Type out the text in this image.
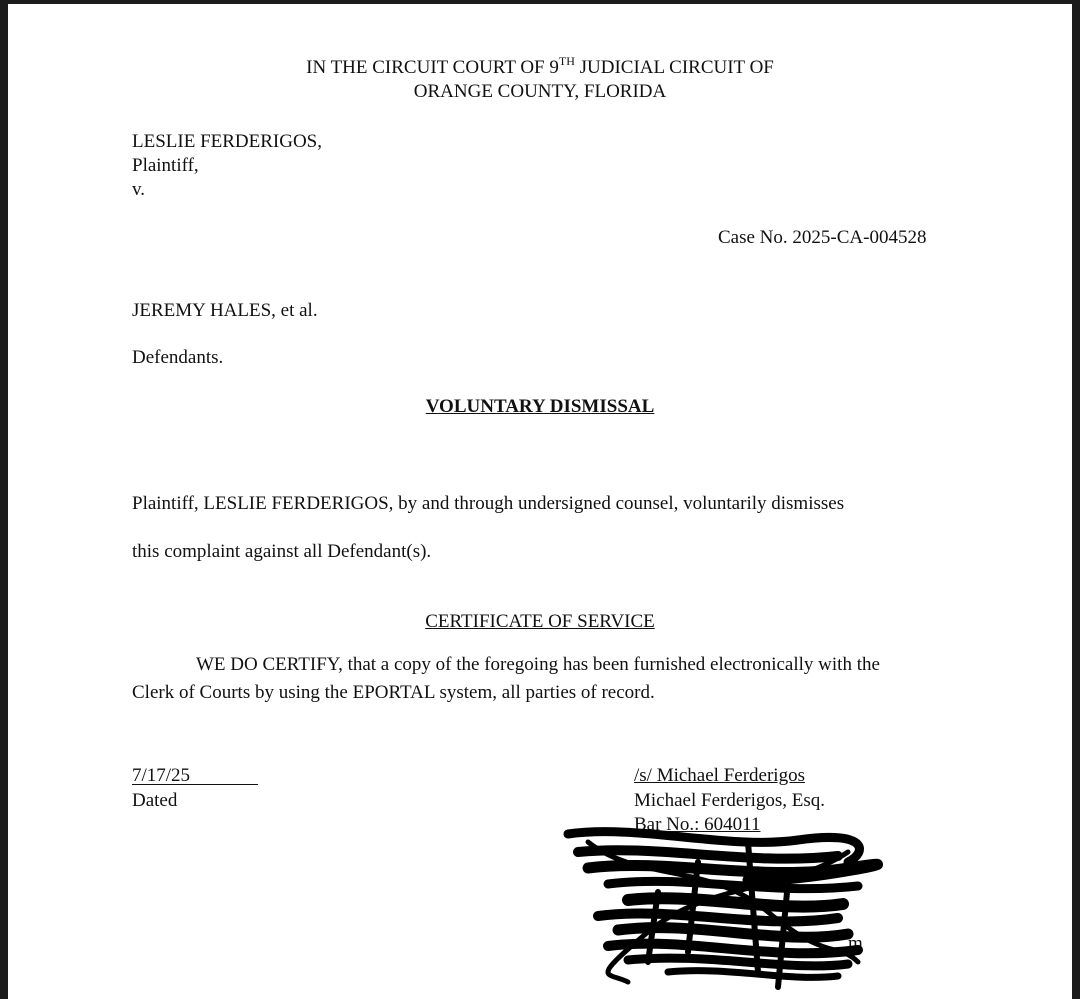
IN THE CIRCUIT COURT OF 9TH JUDICIAL CIRCUIT OF
ORANGE COUNTY, FLORIDA
LESLIE FERDERIGOS,
Plaintiff,
v.
Case No. 2025-CA-004528
JEREMY HALES, et al.
Defendants.
VOLUNTARY DISMISSAL
Plaintiff, LESLIE FERDERIGOS, by and through undersigned counsel, voluntarily dismisses
this complaint against all Defendant(s).
CERTIFICATE OF SERVICE
WE DO CERTIFY, that a copy of the foregoing has been furnished electronically with the
Clerk of Courts by using the EPORTAL system, all parties of record.
7/17/25
Dated
/s/ Michael Ferderigos
Michael Ferderigos, Esq.
Bar No.: 604011
m
